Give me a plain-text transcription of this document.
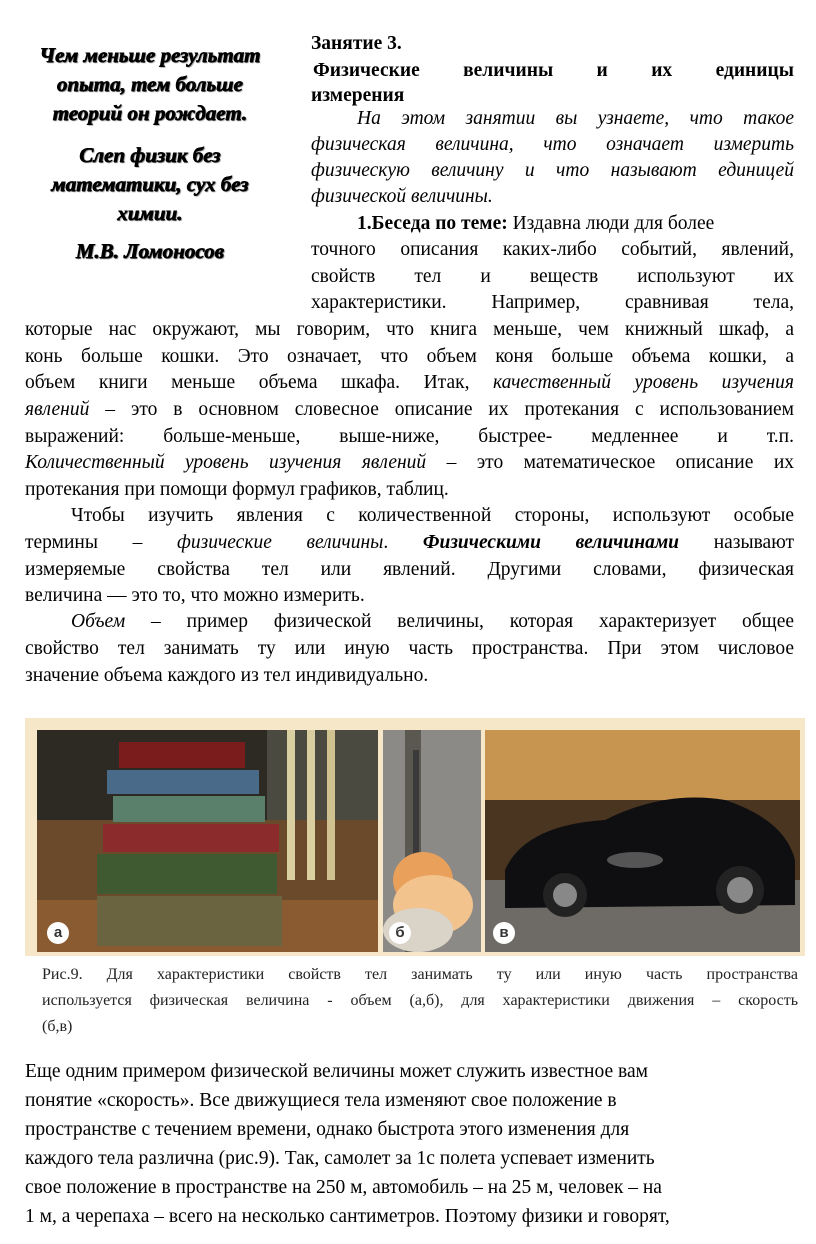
Чем меньше результат
опыта, тем больше
теорий он рождает.
Слеп физик без
математики, сух без
химии.
М.В. Ломоносов
Занятие 3.
Физические величины и их единицы
измерения
На этом занятии вы узнаете, что такое
физическая величина, что означает измерить
физическую величину и что называют единицей
физической величины.
1.Беседа по теме: Издавна люди для более
точного описания каких-либо событий, явлений,
свойств тел и веществ используют их
характеристики. Например, сравнивая тела,
которые нас окружают, мы говорим, что книга меньше, чем книжный шкаф, а
конь больше кошки. Это означает, что объем коня больше объема кошки, а
объем книги меньше объема шкафа. Итак, качественный уровень изучения
явлений – это в основном словесное описание их протекания с использованием
выражений: больше-меньше, выше-ниже, быстрее- медленнее и т.п.
Количественный уровень изучения явлений – это математическое описание их
протекания при помощи формул графиков, таблиц.
Чтобы изучить явления с количественной стороны, используют особые
термины – физические величины. Физическими величинами называют
измеряемые свойства тел или явлений. Другими словами, физическая
величина — это то, что можно измерить.
Объем – пример физической величины, которая характеризует общее
свойство тел занимать ту или иную часть пространства. При этом числовое
значение объема каждого из тел индивидуально.
а	б	в
Рис.9. Для характеристики свойств тел занимать ту или иную часть пространства
используется физическая величина - объем (а,б), для характеристики движения – скорость
(б,в)
Еще одним примером физической величины может служить известное вам
понятие «скорость». Все движущиеся тела изменяют свое положение в
пространстве с течением времени, однако быстрота этого изменения для
каждого тела различна (рис.9). Так, самолет за 1с полета успевает изменить
свое положение в пространстве на 250 м, автомобиль – на 25 м, человек – на
1 м, а черепаха – всего на несколько сантиметров. Поэтому физики и говорят,
